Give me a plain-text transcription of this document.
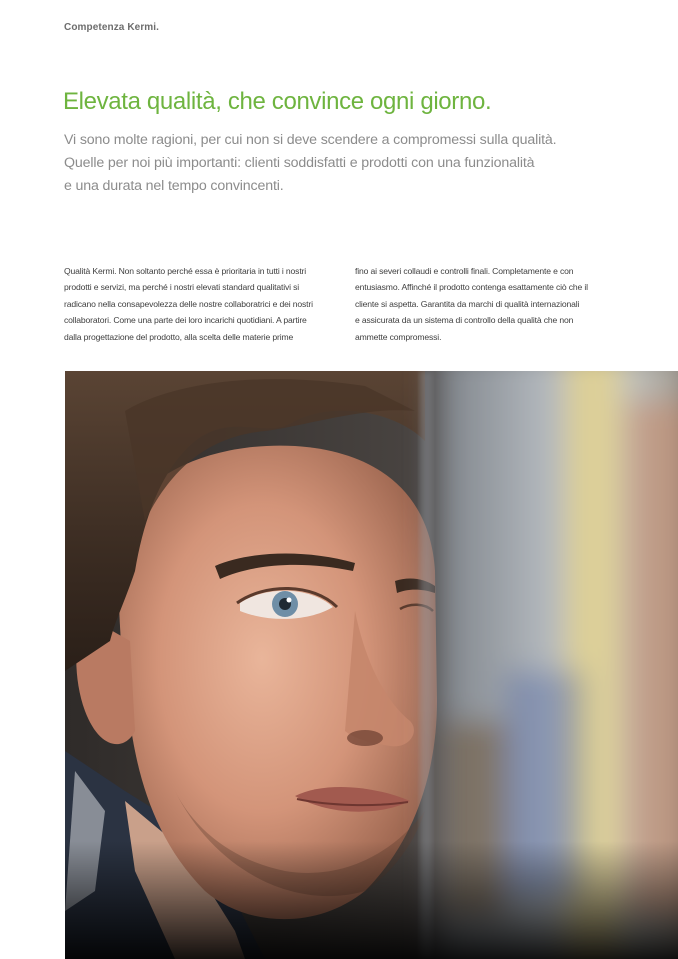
Competenza Kermi.
Elevata qualità, che convince ogni giorno.

Vi sono molte ragioni, per cui non si deve scendere a compromessi sulla qualità.
Quelle per noi più importanti: clienti soddisfatti e prodotti con una funzionalità
e una durata nel tempo convincenti.

Qualità Kermi. Non soltanto perché essa è prioritaria in tutti i nostri
prodotti e servizi, ma perché i nostri elevati standard qualitativi si
radicano nella consapevolezza delle nostre collaboratrici e dei nostri
collaboratori. Come una parte dei loro incarichi quotidiani. A partire
dalla progettazione del prodotto, alla scelta delle materie prime

fino ai severi collaudi e controlli finali. Completamente e con
entusiasmo. Affinché il prodotto contenga esattamente ciò che il
cliente si aspetta. Garantita da marchi di qualità internazionali
e assicurata da un sistema di controllo della qualità che non
ammette compromessi.
